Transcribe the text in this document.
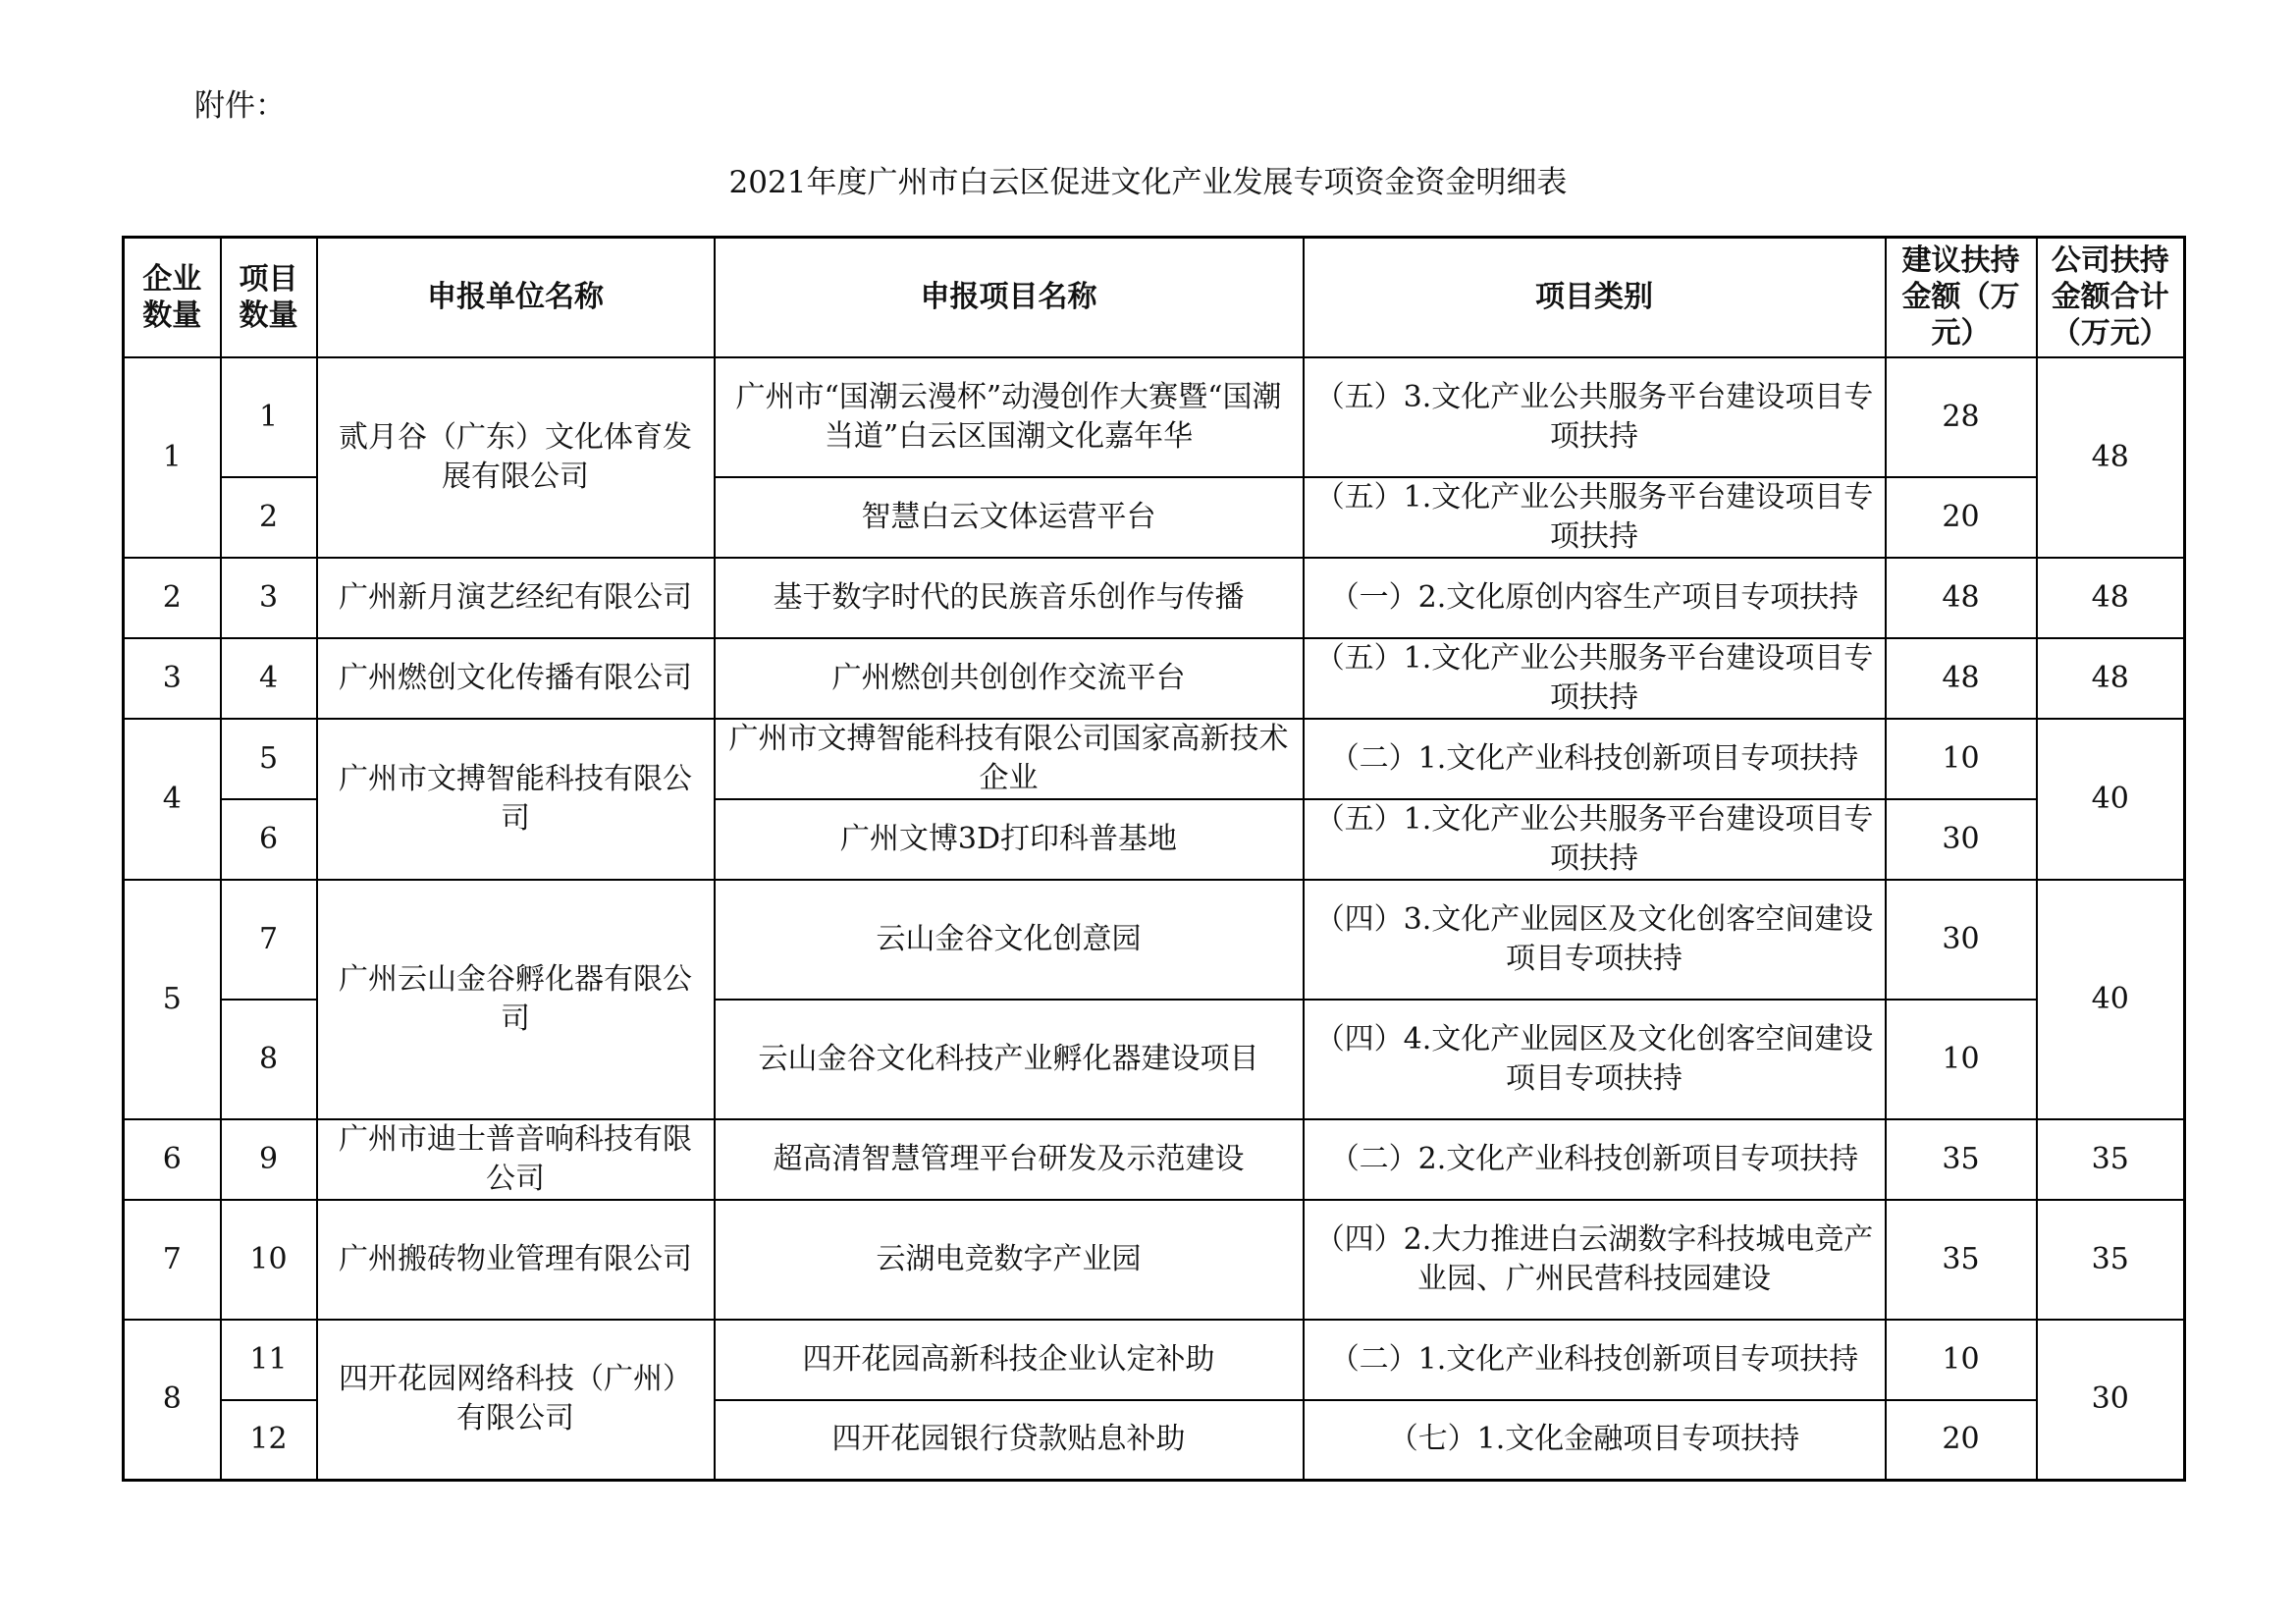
附件：
2021年度广州市白云区促进文化产业发展专项资金资金明细表
企业数量	项目数量	申报单位名称	申报项目名称	项目类别	建议扶持金额（万元）	公司扶持金额合计（万元）
1	1	贰月谷（广东）文化体育发展有限公司	广州市“国潮云漫杯”动漫创作大赛暨“国潮当道”白云区国潮文化嘉年华	（五）3.文化产业公共服务平台建设项目专项扶持	28	48
	2		智慧白云文体运营平台	（五）1.文化产业公共服务平台建设项目专项扶持	20	
2	3	广州新月演艺经纪有限公司	基于数字时代的民族音乐创作与传播	（一）2.文化原创内容生产项目专项扶持	48	48
3	4	广州燃创文化传播有限公司	广州燃创共创创作交流平台	（五）1.文化产业公共服务平台建设项目专项扶持	48	48
4	5	广州市文搏智能科技有限公司	广州市文搏智能科技有限公司国家高新技术企业	（二）1.文化产业科技创新项目专项扶持	10	40
	6		广州文博3D打印科普基地	（五）1.文化产业公共服务平台建设项目专项扶持	30	
5	7	广州云山金谷孵化器有限公司	云山金谷文化创意园	（四）3.文化产业园区及文化创客空间建设项目专项扶持	30	40
	8		云山金谷文化科技产业孵化器建设项目	（四）4.文化产业园区及文化创客空间建设项目专项扶持	10	
6	9	广州市迪士普音响科技有限公司	超高清智慧管理平台研发及示范建设	（二）2.文化产业科技创新项目专项扶持	35	35
7	10	广州搬砖物业管理有限公司	云湖电竞数字产业园	（四）2.大力推进白云湖数字科技城电竞产业园、广州民营科技园建设	35	35
8	11	四开花园网络科技（广州）有限公司	四开花园高新科技企业认定补助	（二）1.文化产业科技创新项目专项扶持	10	30
	12		四开花园银行贷款贴息补助	（七）1.文化金融项目专项扶持	20	
